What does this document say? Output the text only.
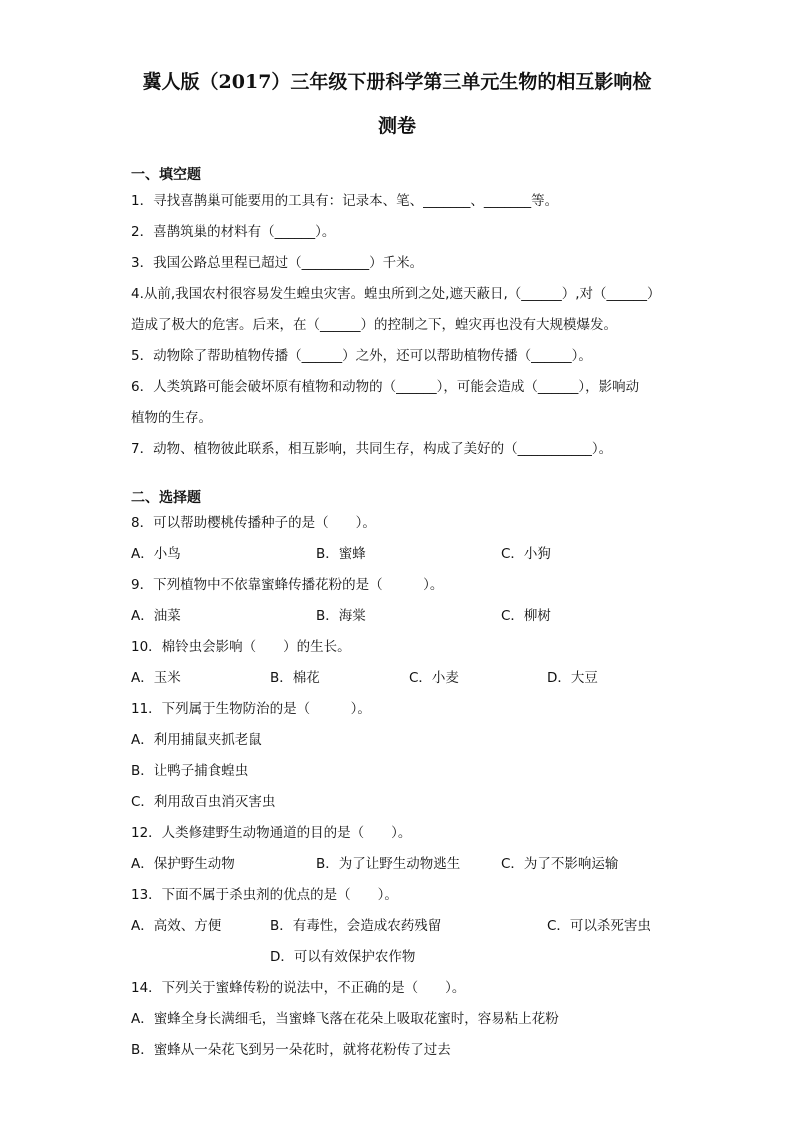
冀人版（2017）三年级下册科学第三单元生物的相互影响检
测卷
一、填空题
1．寻找喜鹊巢可能要用的工具有：记录本、笔、_______、_______等。
2．喜鹊筑巢的材料有（______）。
3．我国公路总里程已超过（__________）千米。
4.从前,我国农村很容易发生蝗虫灾害。蝗虫所到之处,遮天蔽日,（______）,对（______）
造成了极大的危害。后来，在（______）的控制之下，蝗灾再也没有大规模爆发。
5．动物除了帮助植物传播（______）之外，还可以帮助植物传播（______）。
6．人类筑路可能会破坏原有植物和动物的（______），可能会造成（______），影响动
植物的生存。
7．动物、植物彼此联系，相互影响，共同生存，构成了美好的（___________）。
二、选择题
8．可以帮助樱桃传播种子的是（　　）。
A．小鸟	B．蜜蜂	C．小狗
9．下列植物中不依靠蜜蜂传播花粉的是（　　　）。
A．油菜	B．海棠	C．柳树
10．棉铃虫会影响（　　）的生长。
A．玉米	B．棉花	C．小麦	D．大豆
11．下列属于生物防治的是（　　　）。
A．利用捕鼠夹抓老鼠
B．让鸭子捕食蝗虫
C．利用敌百虫消灭害虫
12．人类修建野生动物通道的目的是（　　）。
A．保护野生动物	B．为了让野生动物逃生	C．为了不影响运输
13．下面不属于杀虫剂的优点的是（　　）。
A．高效、方便	B．有毒性，会造成农药残留	C．可以杀死害虫
D．可以有效保护农作物
14．下列关于蜜蜂传粉的说法中，不正确的是（　　）。
A．蜜蜂全身长满细毛，当蜜蜂飞落在花朵上吸取花蜜时，容易粘上花粉
B．蜜蜂从一朵花飞到另一朵花时，就将花粉传了过去
